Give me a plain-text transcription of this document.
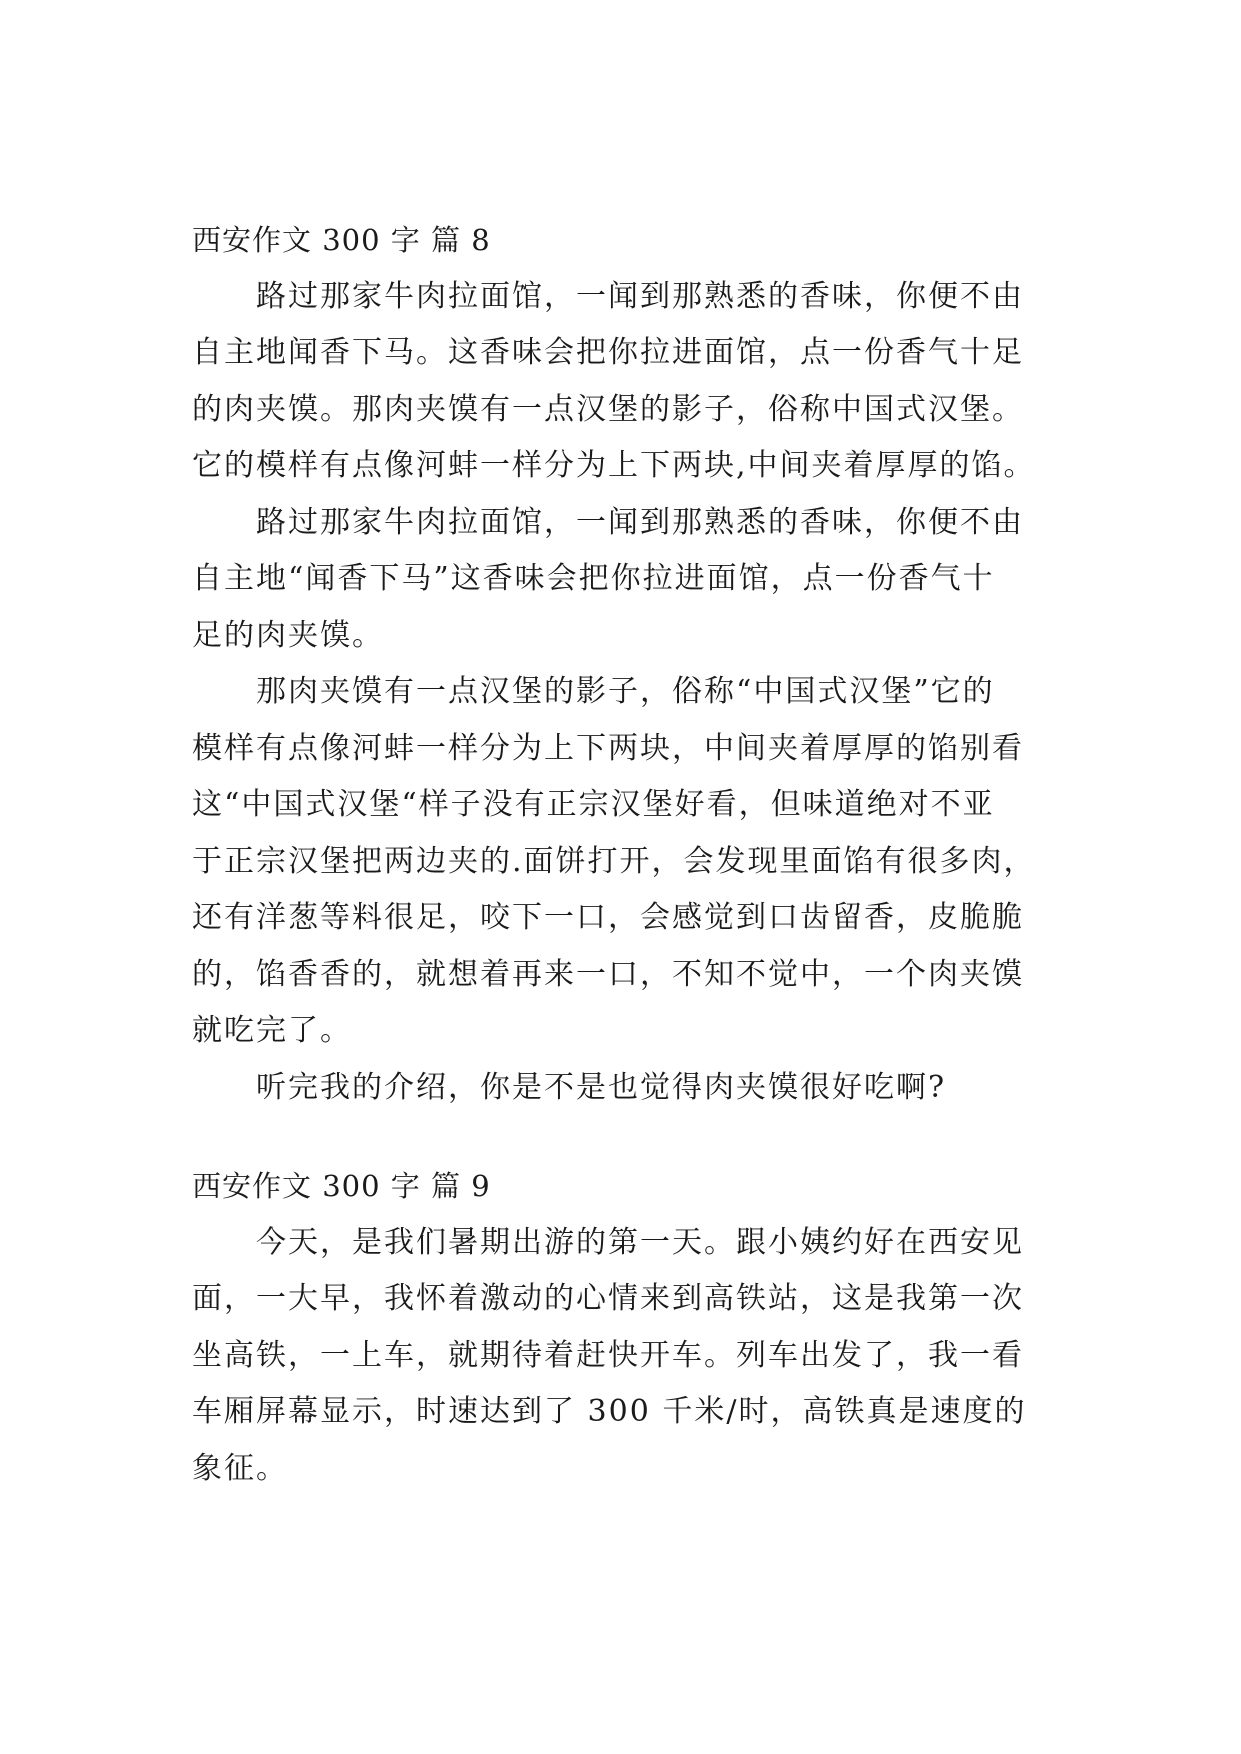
西安作文 300 字 篇 8
路过那家牛肉拉面馆，一闻到那熟悉的香味，你便不由
自主地闻香下马。这香味会把你拉进面馆，点一份香气十足
的肉夹馍。那肉夹馍有一点汉堡的影子，俗称中国式汉堡。
它的模样有点像河蚌一样分为上下两块,中间夹着厚厚的馅。
路过那家牛肉拉面馆，一闻到那熟悉的香味，你便不由
自主地“闻香下马”这香味会把你拉进面馆，点一份香气十
足的肉夹馍。
那肉夹馍有一点汉堡的影子，俗称“中国式汉堡”它的
模样有点像河蚌一样分为上下两块，中间夹着厚厚的馅别看
这“中国式汉堡“样子没有正宗汉堡好看，但味道绝对不亚
于正宗汉堡把两边夹的.面饼打开，会发现里面馅有很多肉，
还有洋葱等料很足，咬下一口，会感觉到口齿留香，皮脆脆
的，馅香香的，就想着再来一口，不知不觉中，一个肉夹馍
就吃完了。
听完我的介绍，你是不是也觉得肉夹馍很好吃啊?
西安作文 300 字 篇 9
今天，是我们暑期出游的第一天。跟小姨约好在西安见
面，一大早，我怀着激动的心情来到高铁站，这是我第一次
坐高铁，一上车，就期待着赶快开车。列车出发了，我一看
车厢屏幕显示，时速达到了 300 千米/时，高铁真是速度的
象征。
